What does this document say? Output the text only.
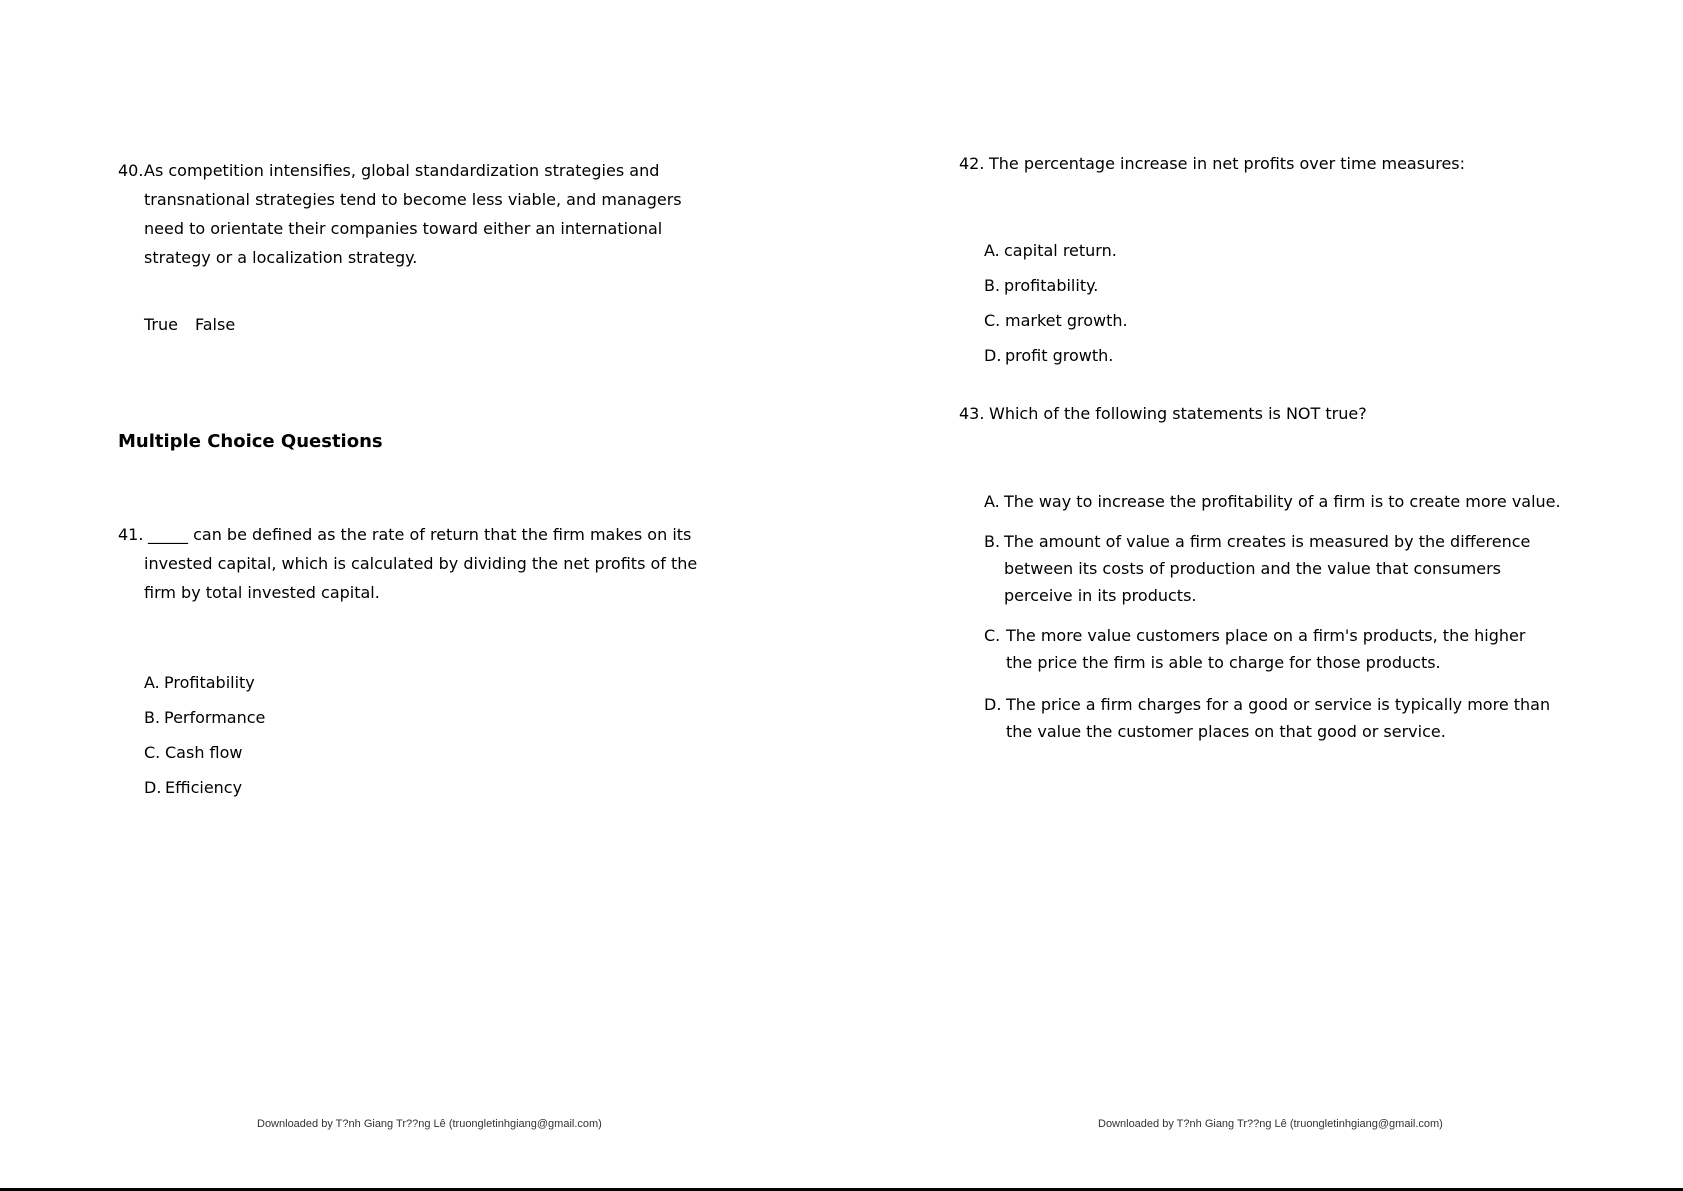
40. As competition intensifies, global standardization strategies and
transnational strategies tend to become less viable, and managers
need to orientate their companies toward either an international
strategy or a localization strategy.
True False
Multiple Choice Questions
41. _____ can be defined as the rate of return that the firm makes on its
invested capital, which is calculated by dividing the net profits of the
firm by total invested capital.
A. Profitability
B. Performance
C. Cash flow
D. Efficiency
Downloaded by T?nh Giang Tr??ng Lê (truongletinhgiang@gmail.com)
42. The percentage increase in net profits over time measures:
A. capital return.
B. profitability.
C. market growth.
D. profit growth.
43. Which of the following statements is NOT true?
A. The way to increase the profitability of a firm is to create more value.
B. The amount of value a firm creates is measured by the difference
between its costs of production and the value that consumers
perceive in its products.
C. The more value customers place on a firm's products, the higher
the price the firm is able to charge for those products.
D. The price a firm charges for a good or service is typically more than
the value the customer places on that good or service.
Downloaded by T?nh Giang Tr??ng Lê (truongletinhgiang@gmail.com)
